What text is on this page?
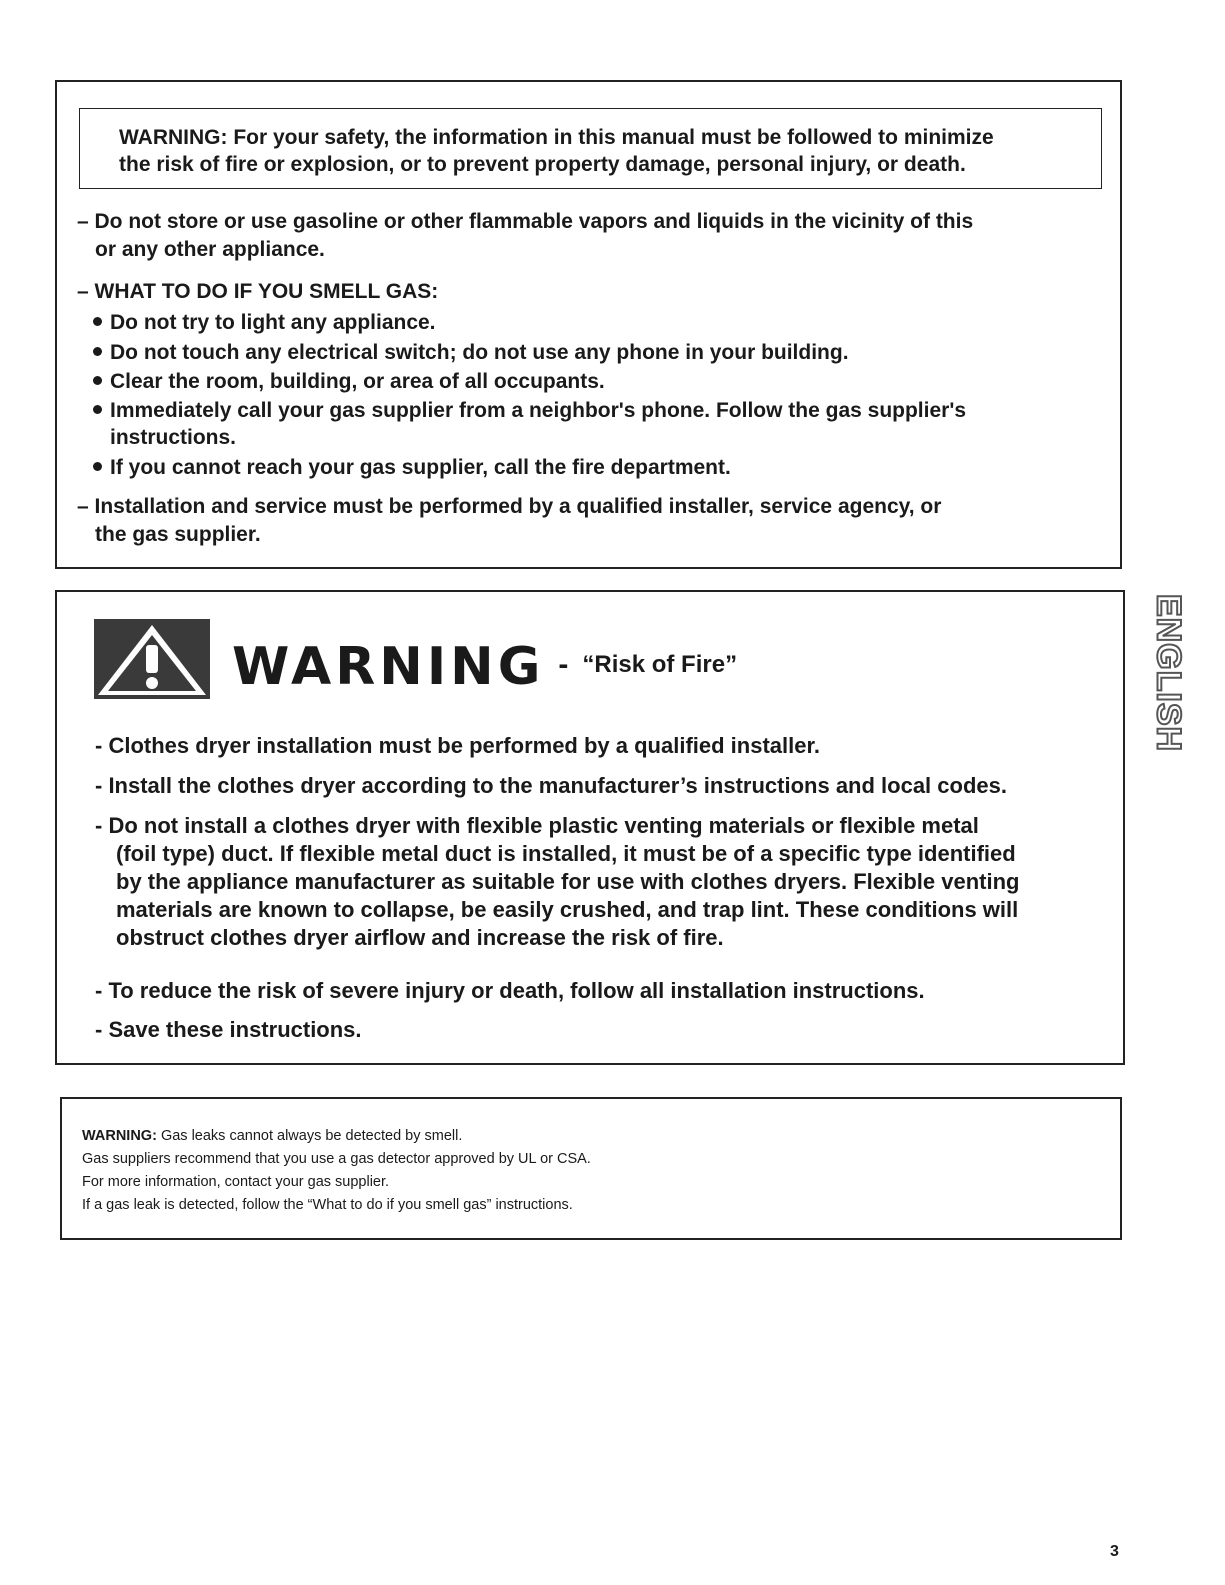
WARNING: For your safety, the information in this manual must be followed to minimize
the risk of fire or explosion, or to prevent property damage, personal injury, or death.
– Do not store or use gasoline or other flammable vapors and liquids in the vicinity of this
or any other appliance.
– WHAT TO DO IF YOU SMELL GAS:
Do not try to light any appliance.
Do not touch any electrical switch; do not use any phone in your building.
Clear the room, building, or area of all occupants.
Immediately call your gas supplier from a neighbor's phone. Follow the gas supplier's
instructions.
If you cannot reach your gas supplier, call the fire department.
– Installation and service must be performed by a qualified installer, service agency, or
the gas supplier.
WARNING - “Risk of Fire”
- Clothes dryer installation must be performed by a qualified installer.
- Install the clothes dryer according to the manufacturer’s instructions and local codes.
- Do not install a clothes dryer with flexible plastic venting materials or flexible metal
(foil type) duct. If flexible metal duct is installed, it must be of a specific type identified
by the appliance manufacturer as suitable for use with clothes dryers. Flexible venting
materials are known to collapse, be easily crushed, and trap lint. These conditions will
obstruct clothes dryer airflow and increase the risk of fire.
- To reduce the risk of severe injury or death, follow all installation instructions.
- Save these instructions.
WARNING: Gas leaks cannot always be detected by smell.
Gas suppliers recommend that you use a gas detector approved by UL or CSA.
For more information, contact your gas supplier.
If a gas leak is detected, follow the “What to do if you smell gas” instructions.
ENGLISH
3
